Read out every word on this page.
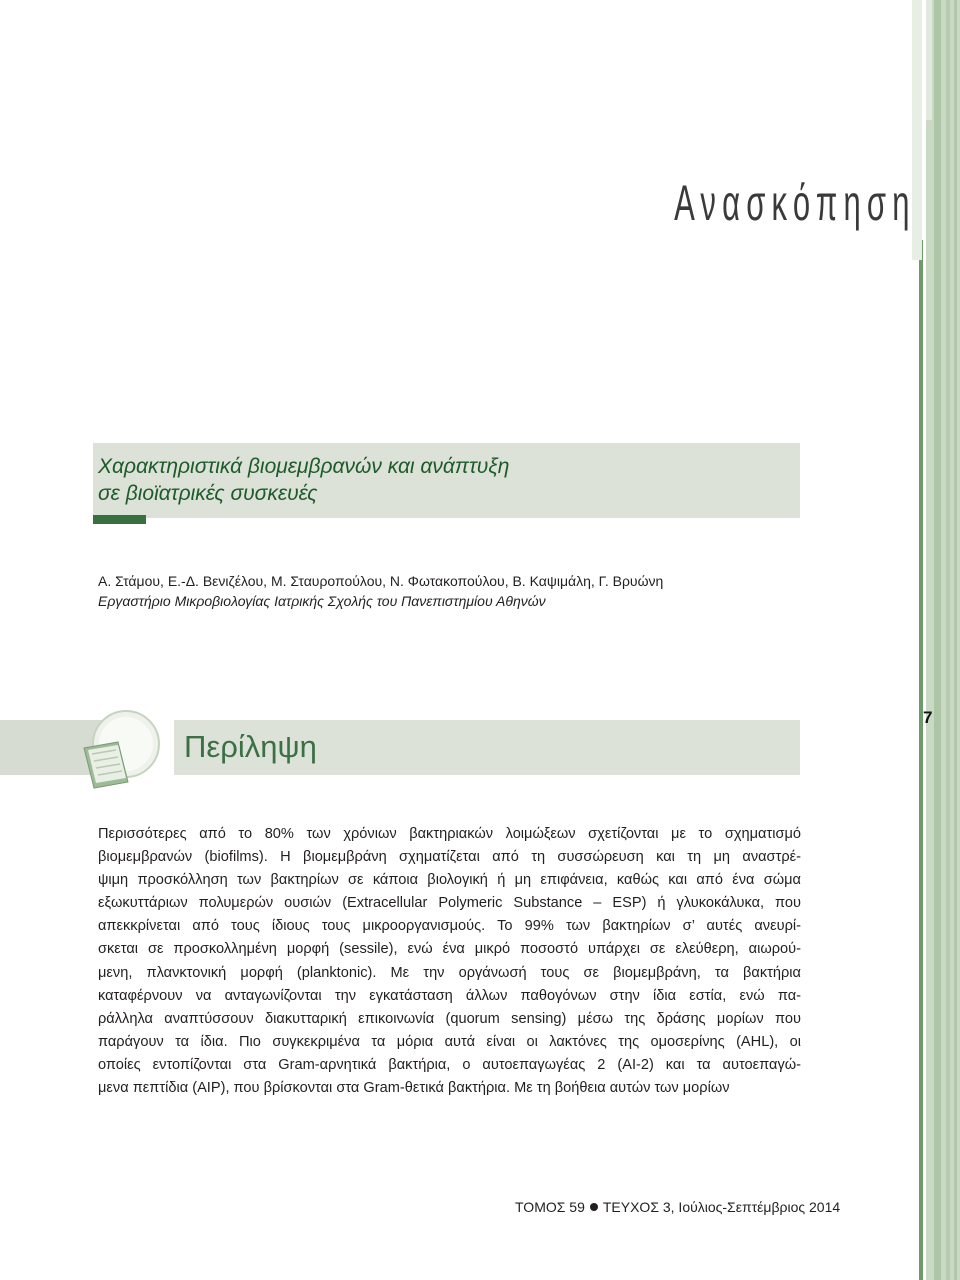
Ανασκόπηση
Χαρακτηριστικά βιομεμβρανών και ανάπτυξη
σε βιοϊατρικές συσκευές
Α. Στάμου, Ε.-Δ. Βενιζέλου, Μ. Σταυροπούλου, Ν. Φωτακοπούλου, Β. Καψιμάλη, Γ. Βρυώνη
Εργαστήριο Μικροβιολογίας Ιατρικής Σχολής του Πανεπιστημίου Αθηνών
Περίληψη
7
Περισσότερες από το 80% των χρόνιων βακτηριακών λοιμώξεων σχετίζονται με το σχηματισμό
βιομεμβρανών (biofilms). Η βιομεμβράνη σχηματίζεται από τη συσσώρευση και τη μη αναστρέ-
ψιμη προσκόλληση των βακτηρίων σε κάποια βιολογική ή μη επιφάνεια, καθώς και από ένα σώμα
εξωκυττάριων πολυμερών ουσιών (Extracellular Polymeric Substance – ESP) ή γλυκοκάλυκα, που
απεκκρίνεται από τους ίδιους τους μικροοργανισμούς. Το 99% των βακτηρίων σ’ αυτές ανευρί-
σκεται σε προσκολλημένη μορφή (sessile), ενώ ένα μικρό ποσοστό υπάρχει σε ελεύθερη, αιωρού-
μενη, πλανκτονική μορφή (planktonic). Με την οργάνωσή τους σε βιομεμβράνη, τα βακτήρια
καταφέρνουν να ανταγωνίζονται την εγκατάσταση άλλων παθογόνων στην ίδια εστία, ενώ πα-
ράλληλα αναπτύσσουν διακυτταρική επικοινωνία (quorum sensing) μέσω της δράσης μορίων που
παράγουν τα ίδια. Πιο συγκεκριμένα τα μόρια αυτά είναι οι λακτόνες της ομοσερίνης (AHL), οι
οποίες εντοπίζονται στα Gram-αρνητικά βακτήρια, ο αυτοεπαγωγέας 2 (AI-2) και τα αυτοεπαγώ-
μενα πεπτίδια (AIP), που βρίσκονται στα Gram-θετικά βακτήρια. Με τη βοήθεια αυτών των μορίων
ΤΟΜΟΣ 59 ΤΕΥΧΟΣ 3, Ιούλιος-Σεπτέμβριος 2014
